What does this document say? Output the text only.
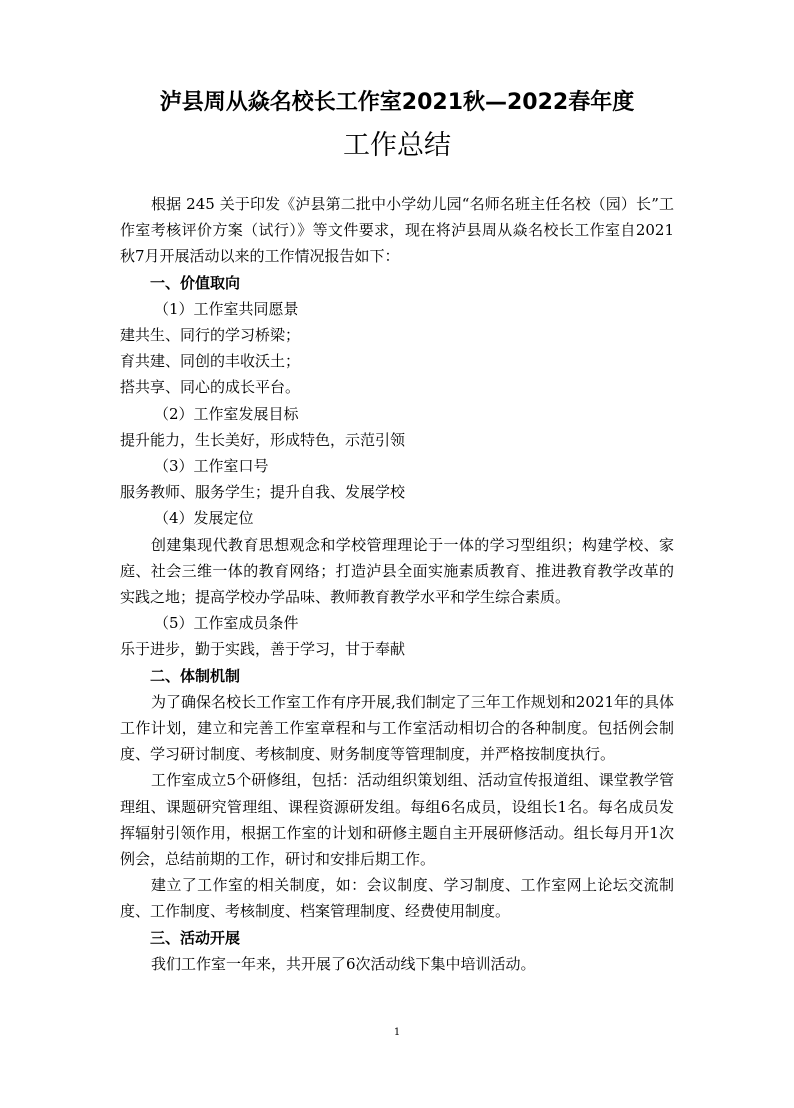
泸县周从焱名校长工作室2021秋—2022春年度
工作总结

根据 245 关于印发《泸县第二批中小学幼儿园“名师名班主任名校（园）长”工作室考核评价方案（试行）》等文件要求，现在将泸县周从焱名校长工作室自2021秋7月开展活动以来的工作情况报告如下：

一、价值取向

（1）工作室共同愿景

建共生、同行的学习桥梁；

育共建、同创的丰收沃土；

搭共享、同心的成长平台。

（2）工作室发展目标

提升能力，生长美好，形成特色，示范引领

（3）工作室口号

服务教师、服务学生；提升自我、发展学校

（4）发展定位

创建集现代教育思想观念和学校管理理论于一体的学习型组织；构建学校、家庭、社会三维一体的教育网络；打造泸县全面实施素质教育、推进教育教学改革的实践之地；提高学校办学品味、教师教育教学水平和学生综合素质。

（5）工作室成员条件

乐于进步，勤于实践，善于学习，甘于奉献

二、体制机制

为了确保名校长工作室工作有序开展,我们制定了三年工作规划和2021年的具体工作计划，建立和完善工作室章程和与工作室活动相切合的各种制度。包括例会制度、学习研讨制度、考核制度、财务制度等管理制度，并严格按制度执行。

工作室成立5个研修组，包括：活动组织策划组、活动宣传报道组、课堂教学管理组、课题研究管理组、课程资源研发组。每组6名成员，设组长1名。每名成员发挥辐射引领作用，根据工作室的计划和研修主题自主开展研修活动。组长每月开1次例会，总结前期的工作，研讨和安排后期工作。

建立了工作室的相关制度，如：会议制度、学习制度、工作室网上论坛交流制度、工作制度、考核制度、档案管理制度、经费使用制度。

三、活动开展

我们工作室一年来，共开展了6次活动线下集中培训活动。

1
